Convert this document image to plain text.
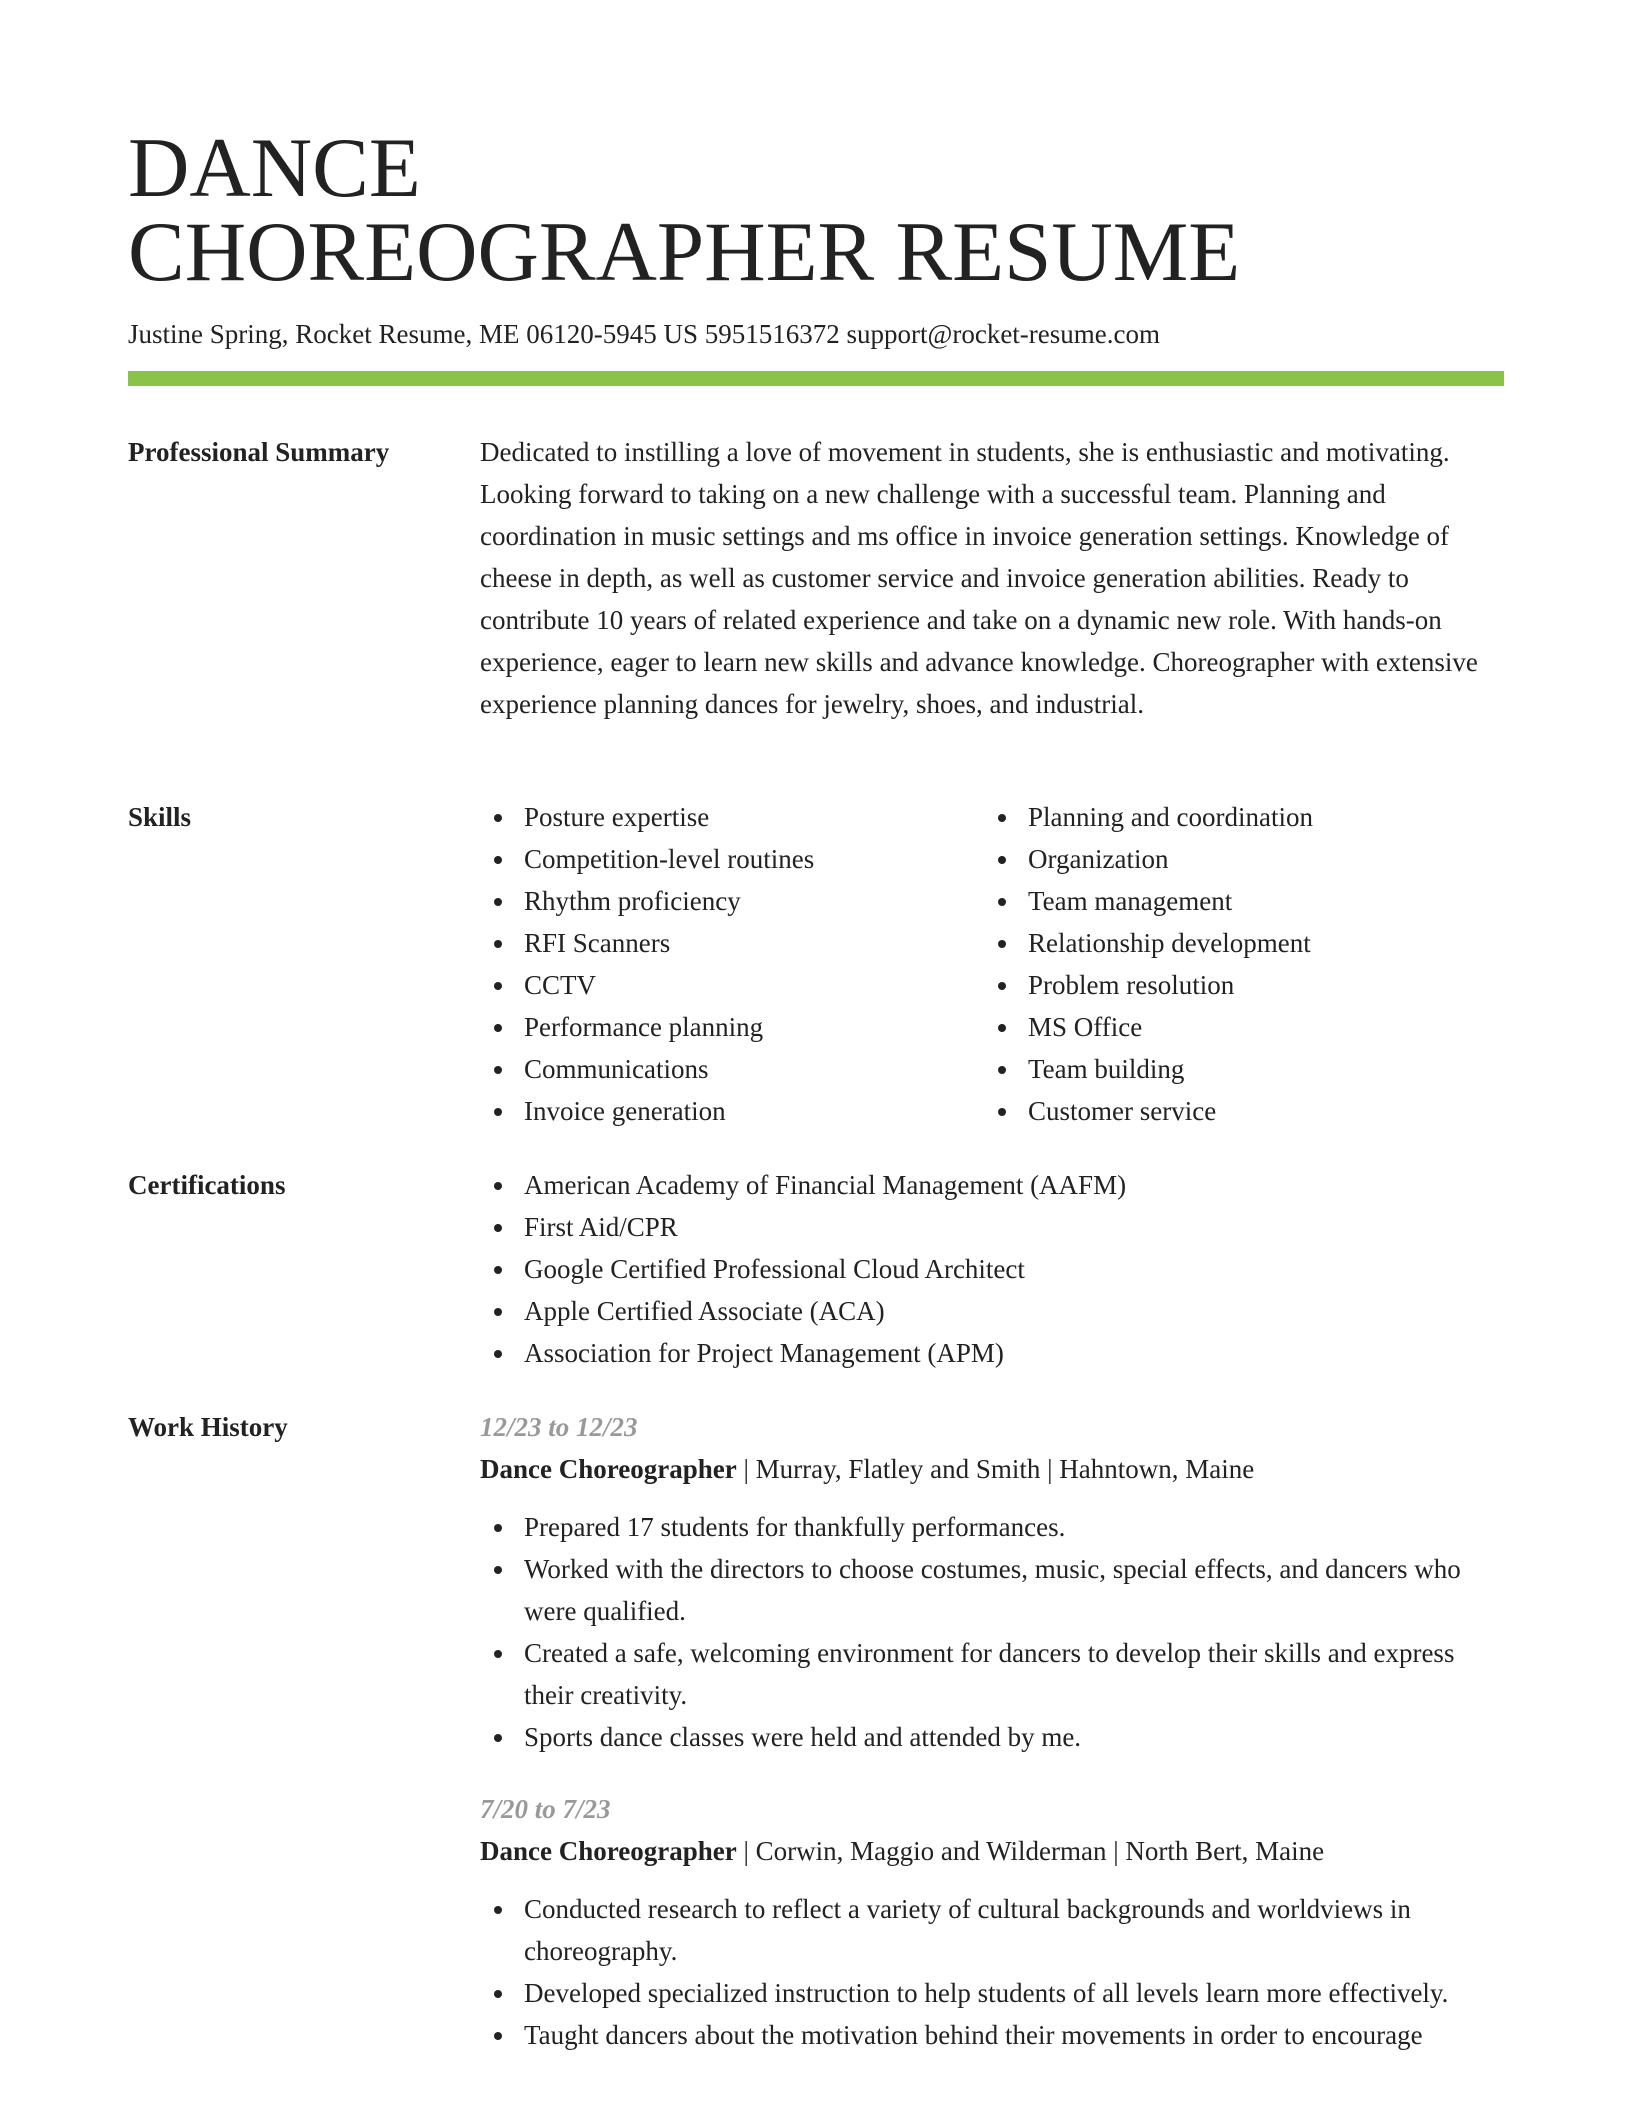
DANCE
CHOREOGRAPHER RESUME
Justine Spring, Rocket Resume, ME 06120-5945 US 5951516372 support@rocket-resume.com
Professional Summary	Dedicated to instilling a love of movement in students, she is enthusiastic and motivating. Looking forward to taking on a new challenge with a successful team. Planning and coordination in music settings and ms office in invoice generation settings. Knowledge of cheese in depth, as well as customer service and invoice generation abilities. Ready to contribute 10 years of related experience and take on a dynamic new role. With hands-on experience, eager to learn new skills and advance knowledge. Choreographer with extensive experience planning dances for jewelry, shoes, and industrial.

Skills	Posture expertise
Competition-level routines
Rhythm proficiency
RFI Scanners
CCTV
Performance planning
Communications
Invoice generation
Planning and coordination
Organization
Team management
Relationship development
Problem resolution
MS Office
Team building
Customer service
Certifications	American Academy of Financial Management (AAFM)
First Aid/CPR
Google Certified Professional Cloud Architect
Apple Certified Associate (ACA)
Association for Project Management (APM)
Work History	12/23 to 12/23
Dance Choreographer | Murray, Flatley and Smith | Hahntown, Maine
Prepared 17 students for thankfully performances.
Worked with the directors to choose costumes, music, special effects, and dancers who were qualified.
Created a safe, welcoming environment for dancers to develop their skills and express their creativity.
Sports dance classes were held and attended by me.
7/20 to 7/23
Dance Choreographer | Corwin, Maggio and Wilderman | North Bert, Maine
Conducted research to reflect a variety of cultural backgrounds and worldviews in choreography.
Developed specialized instruction to help students of all levels learn more effectively.
Taught dancers about the motivation behind their movements in order to encourage
